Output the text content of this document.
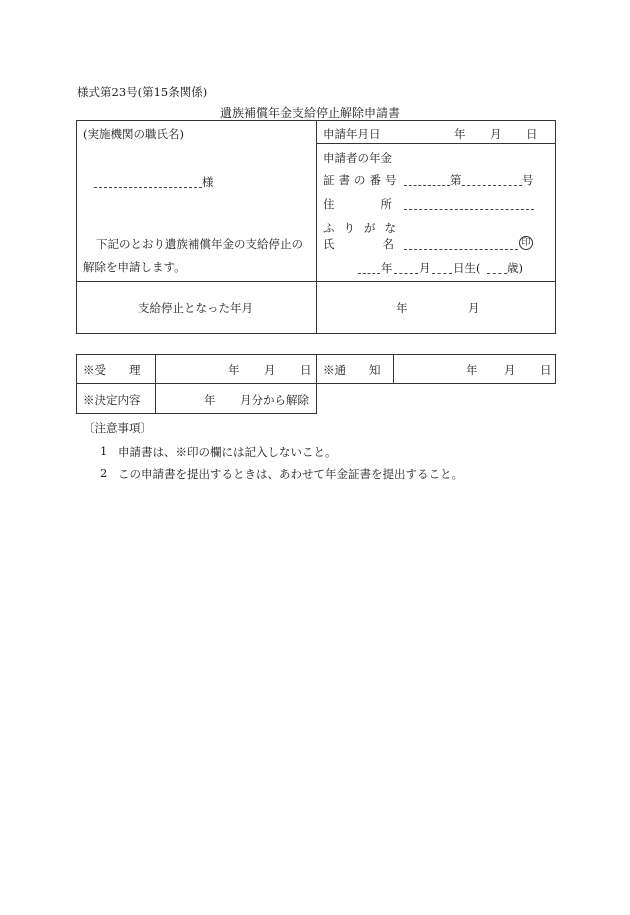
様式第23号(第15条関係)
遺族補償年金支給停止解除申請書
(実施機関の職氏名)
様
下記のとおり遺族補償年金の支給停止の
解除を申請します。
申請年月日	年 月 日
申請者の年金
証書の番号	第	号
住所
ふりがな
氏名	印
年 月 日生( 歳)
支給停止となった年月	年	月
※受　　理	年 月 日 ※通　　知	年 月 日
※決定内容	年 月分から解除
〔注意事項〕
1 申請書は、※印の欄には記入しないこと。
2 この申請書を提出するときは、あわせて年金証書を提出すること。
